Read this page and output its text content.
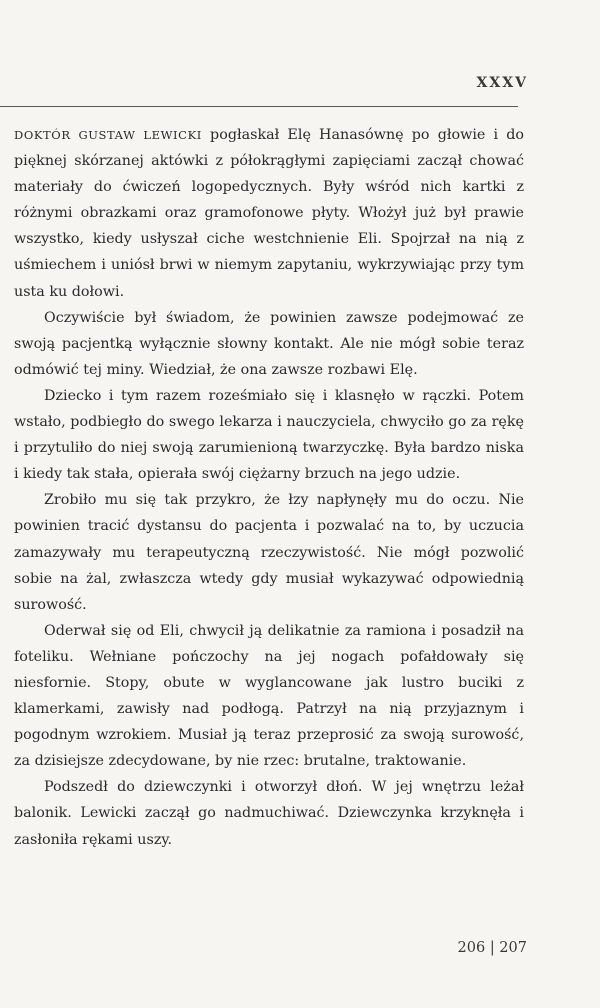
XXXV

DOKTÓR GUSTAW LEWICKI pogłaskał Elę Hanasównę po głowie i do pięknej skórzanej aktówki z półokrągłymi zapięciami zaczął chować materiały do ćwiczeń logopedycznych. Były wśród nich kartki z różnymi obrazkami oraz gramofonowe płyty. Włożył już był prawie wszystko, kiedy usłyszał ciche westchnienie Eli. Spojrzał na nią z uśmiechem i uniósł brwi w niemym zapytaniu, wykrzywiając przy tym usta ku dołowi.

Oczywiście był świadom, że powinien zawsze podejmować ze swoją pacjentką wyłącznie słowny kontakt. Ale nie mógł sobie teraz odmówić tej miny. Wiedział, że ona zawsze rozbawi Elę.

Dziecko i tym razem roześmiało się i klasnęło w rączki. Potem wstało, podbiegło do swego lekarza i nauczyciela, chwyciło go za rękę i przytuliło do niej swoją zarumienioną twarzyczkę. Była bardzo niska i kiedy tak stała, opierała swój ciężarny brzuch na jego udzie.

Zrobiło mu się tak przykro, że łzy napłynęły mu do oczu. Nie powinien tracić dystansu do pacjenta i pozwalać na to, by uczucia zamazywały mu terapeutyczną rzeczywistość. Nie mógł pozwolić sobie na żal, zwłaszcza wtedy gdy musiał wykazywać odpowiednią surowość.

Oderwał się od Eli, chwycił ją delikatnie za ramiona i posadził na foteliku. Wełniane pończochy na jej nogach pofałdowały się niesfornie. Stopy, obute w wyglancowane jak lustro buciki z klamerkami, zawisły nad podłogą. Patrzył na nią przyjaznym i pogodnym wzrokiem. Musiał ją teraz przeprosić za swoją surowość, za dzisiejsze zdecydowane, by nie rzec: brutalne, traktowanie.

Podszedł do dziewczynki i otworzył dłoń. W jej wnętrzu leżał balonik. Lewicki zaczął go nadmuchiwać. Dziewczynka krzyknęła i zasłoniła rękami uszy.

206 | 207
